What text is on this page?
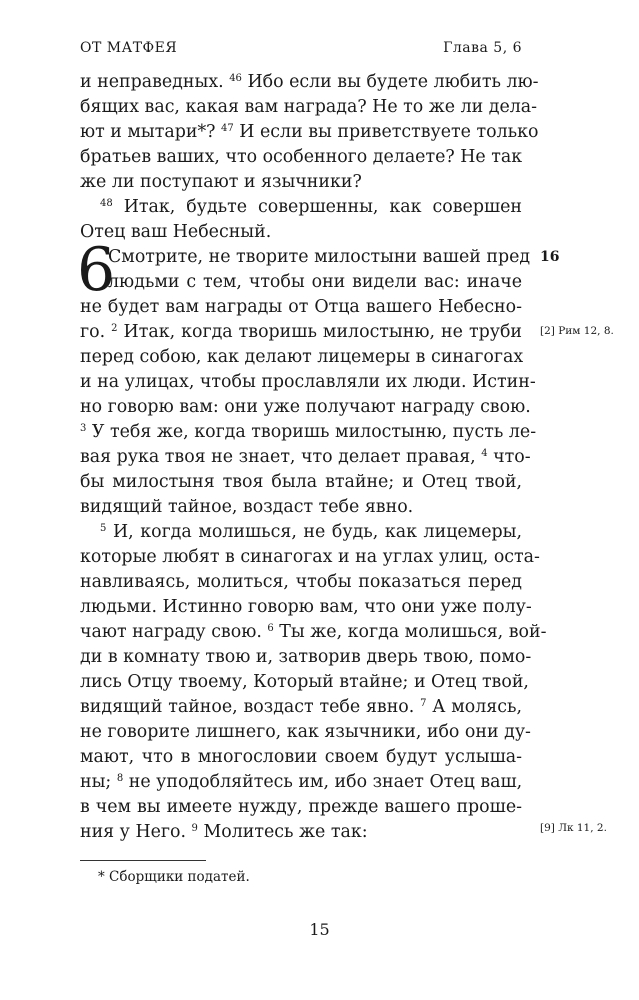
ОТ МАТФЕЯ	Глава 5, 6
6
и неправедных. $^{46}$ Ибо если вы будете любить лю-
бящих вас, какая вам награда? Не то же ли дела-
ют и мытари*? $^{47}$ И если вы приветствуете только
братьев ваших, что особенного делаете? Не так
же ли поступают и язычники?
$^{48}$ Итак, будьте совершенны, как совершен
Отец ваш Небесный.
Смотрите, не творите милостыни вашей пред
людьми с тем, чтобы они видели вас: иначе
не будет вам награды от Отца вашего Небесно-
го. $^2$ Итак, когда творишь милостыню, не труби
перед собою, как делают лицемеры в синагогах
и на улицах, чтобы прославляли их люди. Истин-
но говорю вам: они уже получают награду свою.
$^3$ У тебя же, когда творишь милостыню, пусть ле-
вая рука твоя не знает, что делает правая, $^4$ что-
бы милостыня твоя была втайне; и Отец твой,
видящий тайное, воздаст тебе явно.
$^5$ И, когда молишься, не будь, как лицемеры,
которые любят в синагогах и на углах улиц, оста-
навливаясь, молиться, чтобы показаться перед
людьми. Истинно говорю вам, что они уже полу-
чают награду свою. $^6$ Ты же, когда молишься, вой-
ди в комнату твою и, затворив дверь твою, помо-
лись Отцу твоему, Который втайне; и Отец твой,
видящий тайное, воздаст тебе явно. $^7$ А молясь,
не говорите лишнего, как язычники, ибо они ду-
мают, что в многословии своем будут услыша-
ны; $^8$ не уподобляйтесь им, ибо знает Отец ваш,
в чем вы имеете нужду, прежде вашего проше-
ния у Него. $^9$ Молитесь же так:
16
[2] Рим 12, 8.
[9] Лк 11, 2.
* Сборщики податей.
15
